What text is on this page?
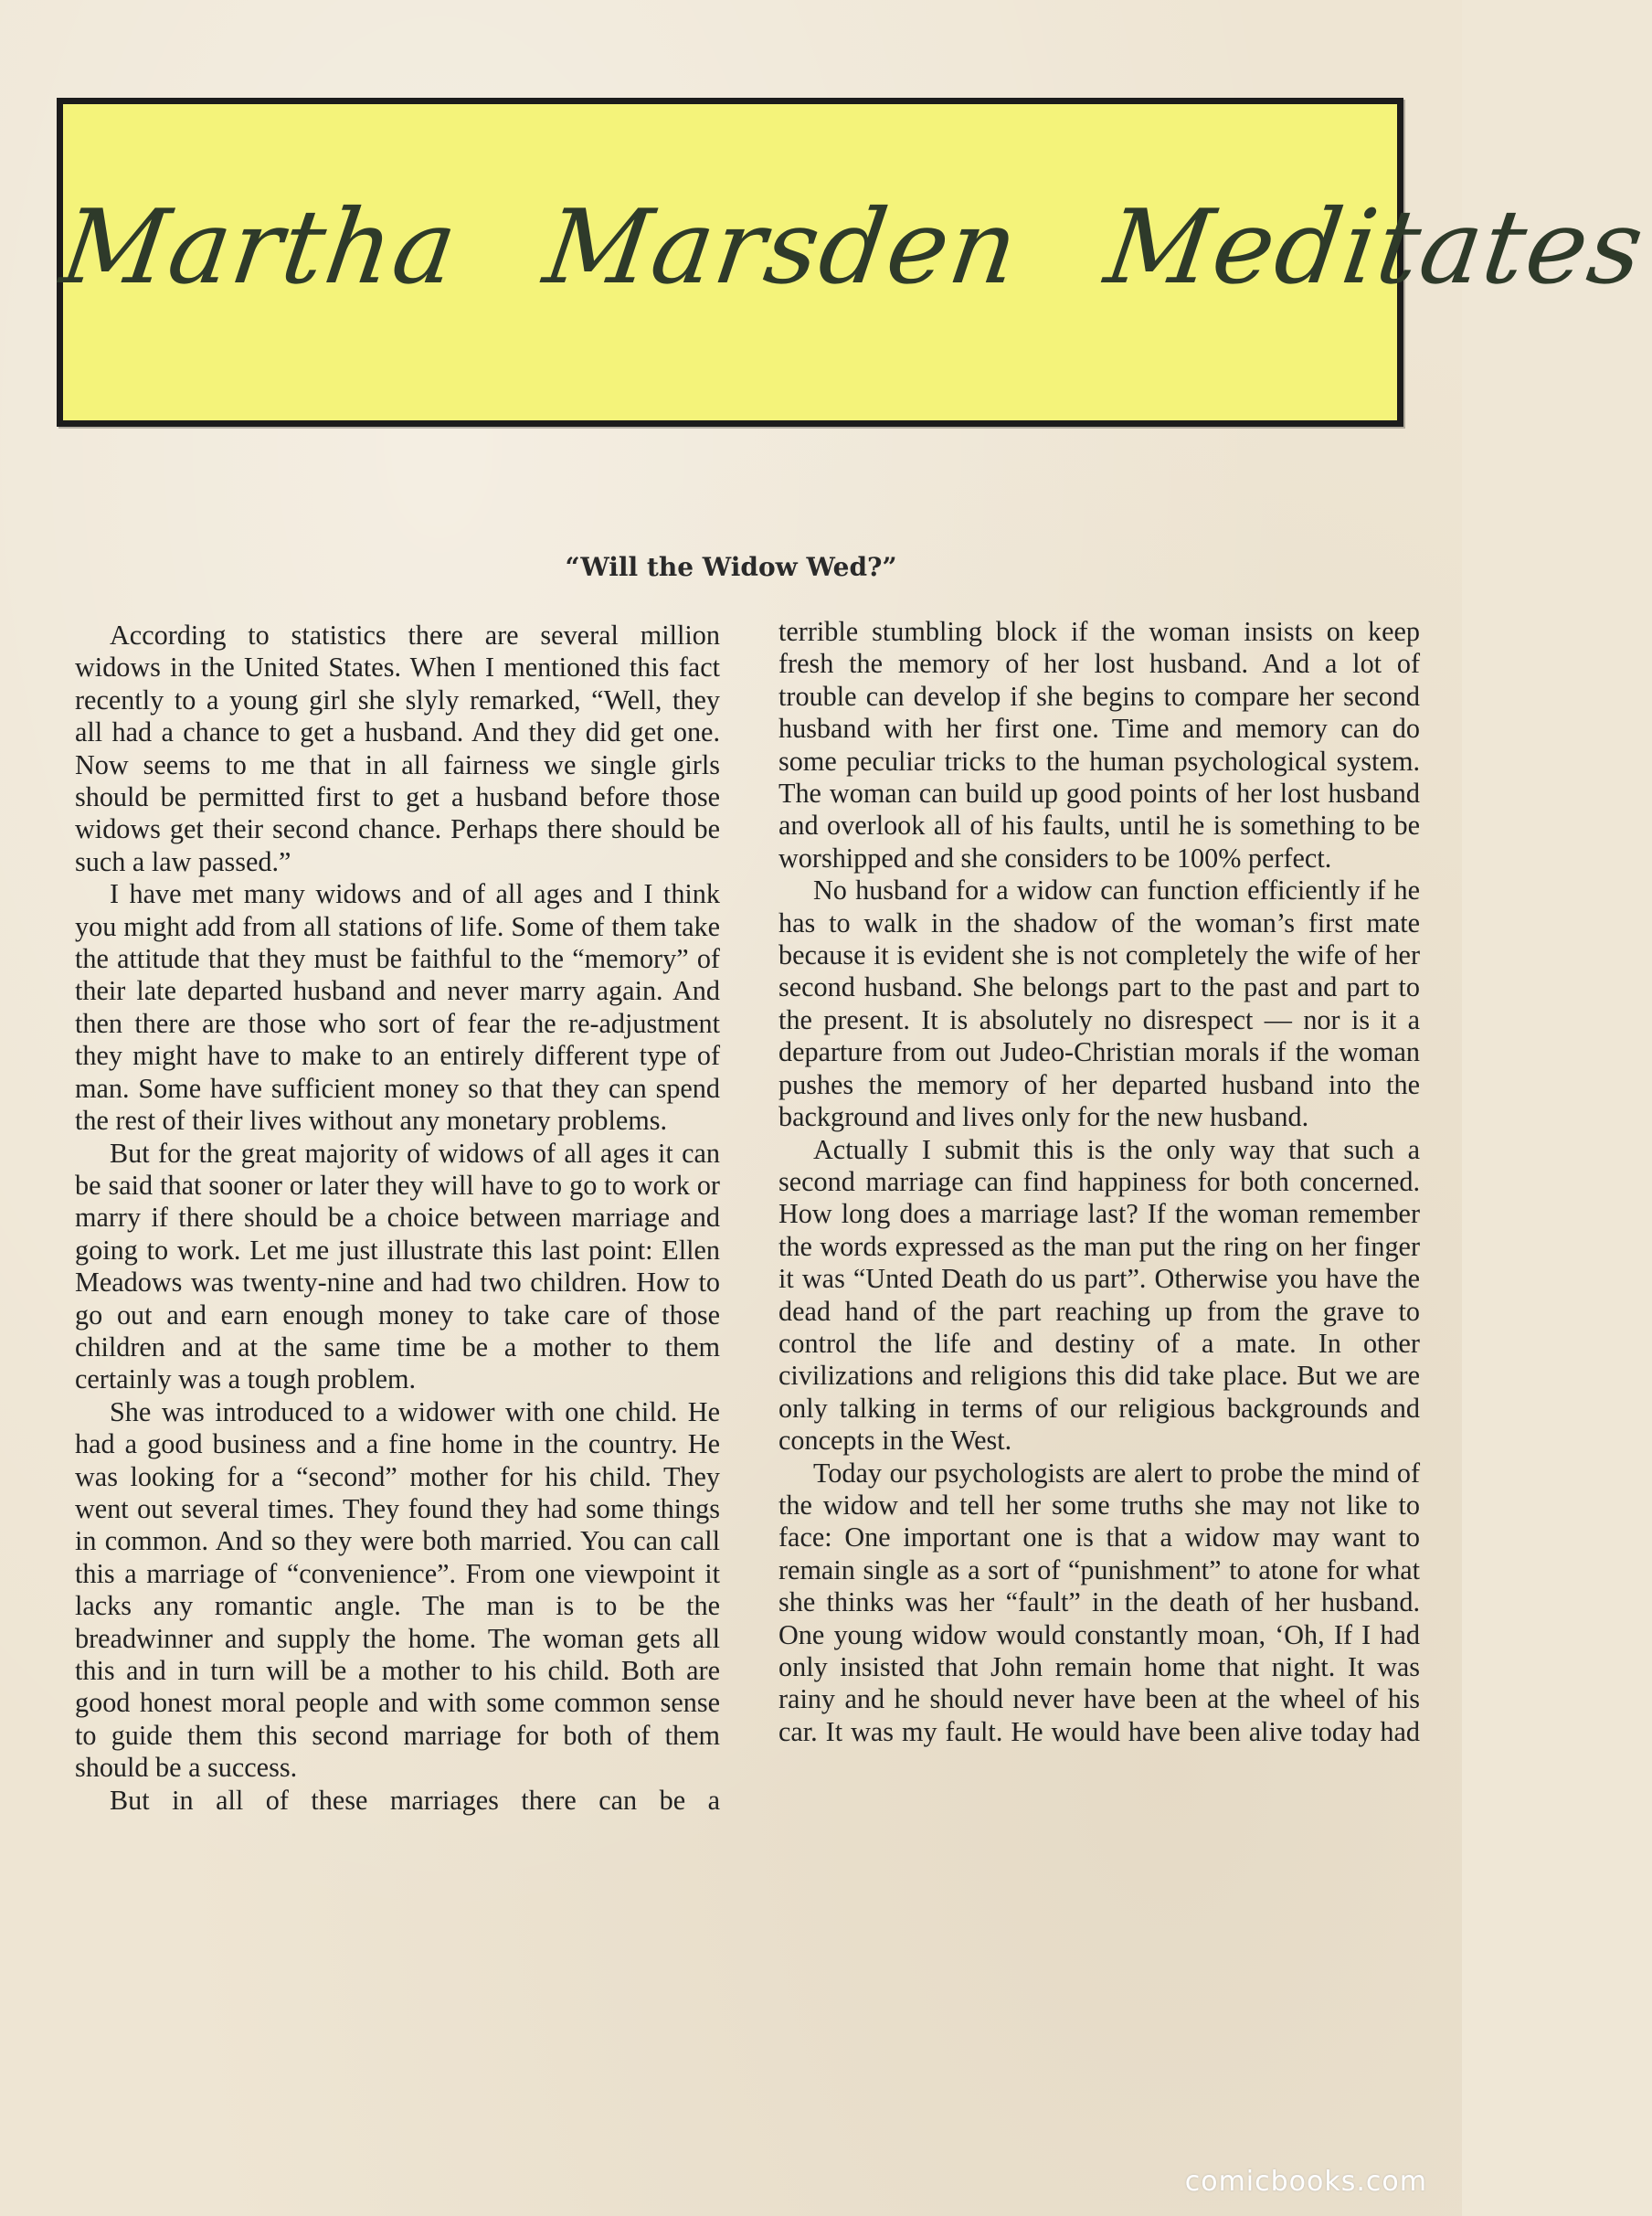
Martha Marsden Meditates
“Will the Widow Wed?”

According to statistics there are several million widows in the United States. When I mentioned this fact recently to a young girl she slyly remarked, “Well, they all had a chance to get a husband. And they did get one. Now seems to me that in all fairness we single girls should be permitted first to get a husband before those widows get their second chance. Perhaps there should be such a law passed.”

I have met many widows and of all ages and I think you might add from all stations of life. Some of them take the attitude that they must be faithful to the “memory” of their late departed husband and never marry again. And then there are those who sort of fear the re-adjustment they might have to make to an entirely different type of man. Some have sufficient money so that they can spend the rest of their lives without any monetary problems.

But for the great majority of widows of all ages it can be said that sooner or later they will have to go to work or marry if there should be a choice between marriage and going to work. Let me just illustrate this last point: Ellen Meadows was twenty-nine and had two children. How to go out and earn enough money to take care of those children and at the same time be a mother to them certainly was a tough problem.

She was introduced to a widower with one child. He had a good business and a fine home in the country. He was looking for a “second” mother for his child. They went out several times. They found they had some things in common. And so they were both married. You can call this a marriage of “convenience”. From one viewpoint it lacks any romantic angle. The man is to be the breadwinner and supply the home. The woman gets all this and in turn will be a mother to his child. Both are good honest moral people and with some common sense to guide them this second marriage for both of them should be a success.

But in all of these marriages there can be a

terrible stumbling block if the woman insists on keep fresh the memory of her lost husband. And a lot of trouble can develop if she begins to compare her second husband with her first one. Time and memory can do some peculiar tricks to the human psychological system. The woman can build up good points of her lost husband and overlook all of his faults, until he is something to be worshipped and she considers to be 100% perfect.

No husband for a widow can function efficiently if he has to walk in the shadow of the woman’s first mate because it is evident she is not completely the wife of her second husband. She belongs part to the past and part to the present. It is absolutely no disrespect — nor is it a departure from out Judeo-Christian morals if the woman pushes the memory of her departed husband into the background and lives only for the new husband.

Actually I submit this is the only way that such a second marriage can find happiness for both concerned. How long does a marriage last? If the woman remember the words expressed as the man put the ring on her finger it was “Unted Death do us part”. Otherwise you have the dead hand of the part reaching up from the grave to control the life and destiny of a mate. In other civilizations and religions this did take place. But we are only talking in terms of our religious backgrounds and concepts in the West.

Today our psychologists are alert to probe the mind of the widow and tell her some truths she may not like to face: One important one is that a widow may want to remain single as a sort of “punishment” to atone for what she thinks was her “fault” in the death of her husband. One young widow would constantly moan, ‘Oh, If I had only insisted that John remain home that night. It was rainy and he should never have been at the wheel of his car. It was my fault. He would have been alive today had

comicbooks.com
